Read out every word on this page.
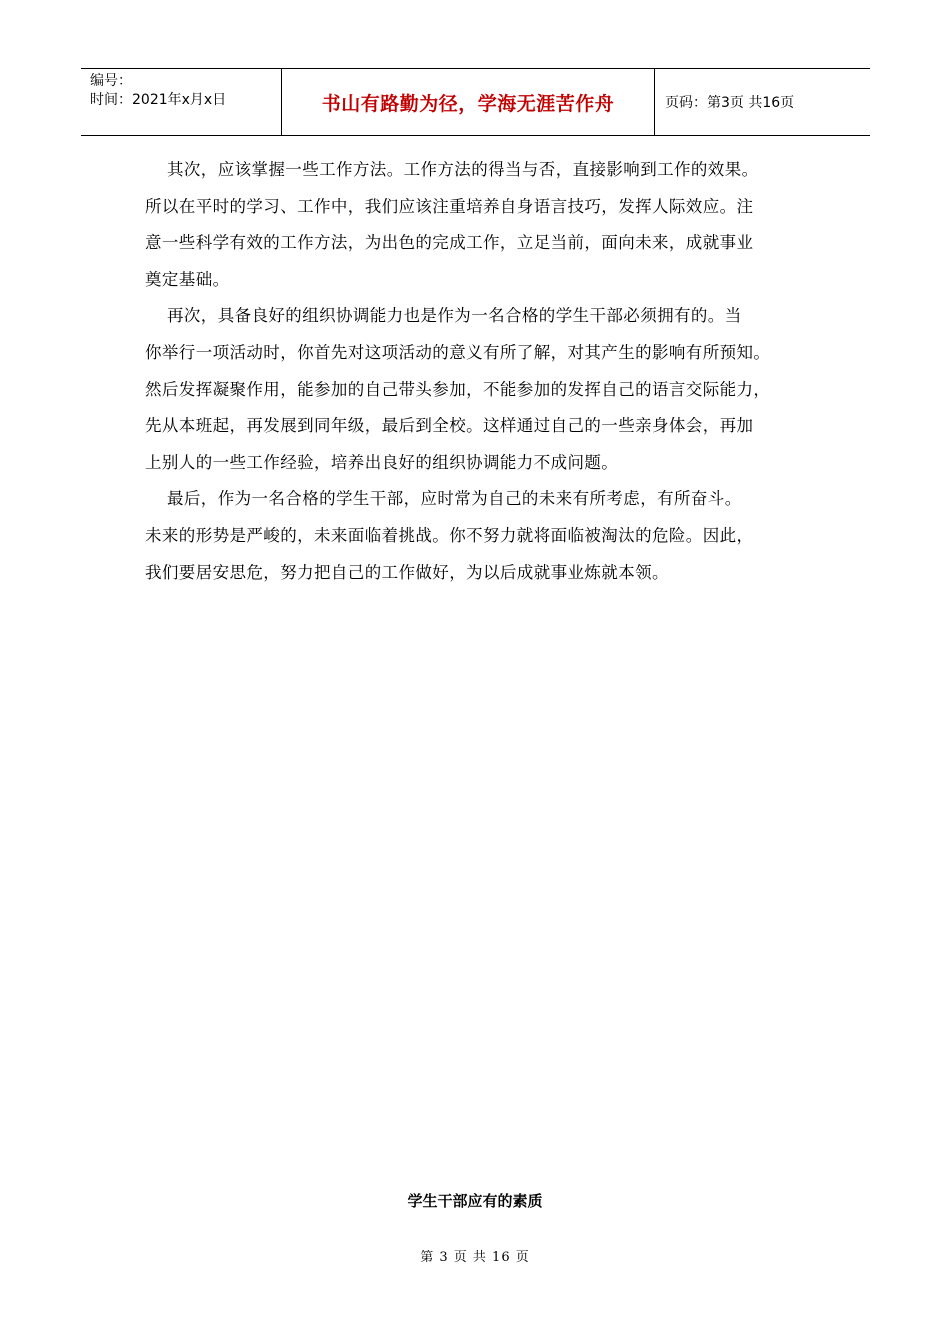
编号：
时间：2021年x月x日	书山有路勤为径，学海无涯苦作舟	页码：第3页 共16页

其次，应该掌握一些工作方法。工作方法的得当与否，直接影响到工作的效果。

所以在平时的学习、工作中，我们应该注重培养自身语言技巧，发挥人际效应。注

意一些科学有效的工作方法，为出色的完成工作，立足当前，面向未来，成就事业

奠定基础。

再次，具备良好的组织协调能力也是作为一名合格的学生干部必须拥有的。当

你举行一项活动时，你首先对这项活动的意义有所了解，对其产生的影响有所预知。

然后发挥凝聚作用，能参加的自己带头参加，不能参加的发挥自己的语言交际能力，

先从本班起，再发展到同年级，最后到全校。这样通过自己的一些亲身体会，再加

上别人的一些工作经验，培养出良好的组织协调能力不成问题。

最后，作为一名合格的学生干部，应时常为自己的未来有所考虑，有所奋斗。

未来的形势是严峻的，未来面临着挑战。你不努力就将面临被淘汰的危险。因此，

我们要居安思危，努力把自己的工作做好，为以后成就事业炼就本领。

学生干部应有的素质
第 3 页 共 16 页
